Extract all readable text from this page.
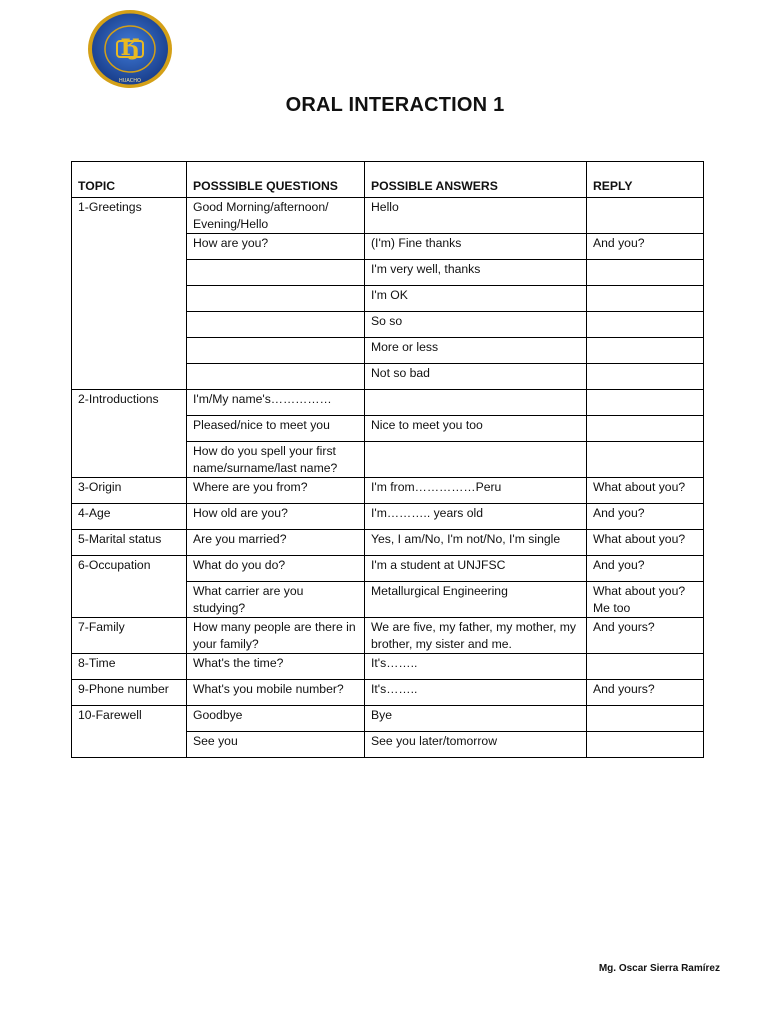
Ӄ
HUACHO
ORAL INTERACTION 1
TOPIC	POSSSIBLE QUESTIONS	POSSIBLE ANSWERS	REPLY
1-Greetings	Good Morning/afternoon/ Evening/Hello	Hello	
	How are you?	(I'm) Fine thanks	And you?
		I'm very well, thanks	
		I'm OK	
		So so	
		More or less	
		Not so bad	
2-Introductions	I'm/My name's……………		
	Pleased/nice to meet you	Nice to meet you too	
	How do you spell your first name/surname/last name?		
3-Origin	Where are you from?	I'm from……………Peru	What about you?
4-Age	How old are you?	I'm……….. years old	And you?
5-Marital status	Are you married?	Yes, I am/No, I'm not/No, I'm single	What about you?
6-Occupation	What do you do?	I'm a student at UNJFSC	And you?
	What carrier are you studying?	Metallurgical Engineering	What about you? Me too
7-Family	How many people are there in your family?	We are five, my father, my mother, my brother, my sister and me.	And yours?
8-Time	What's the time?	It's……..	
9-Phone number	What's you mobile number?	It's……..	And yours?
10-Farewell	Goodbye	Bye	
	See you	See you later/tomorrow	
Mg. Oscar Sierra Ramírez
